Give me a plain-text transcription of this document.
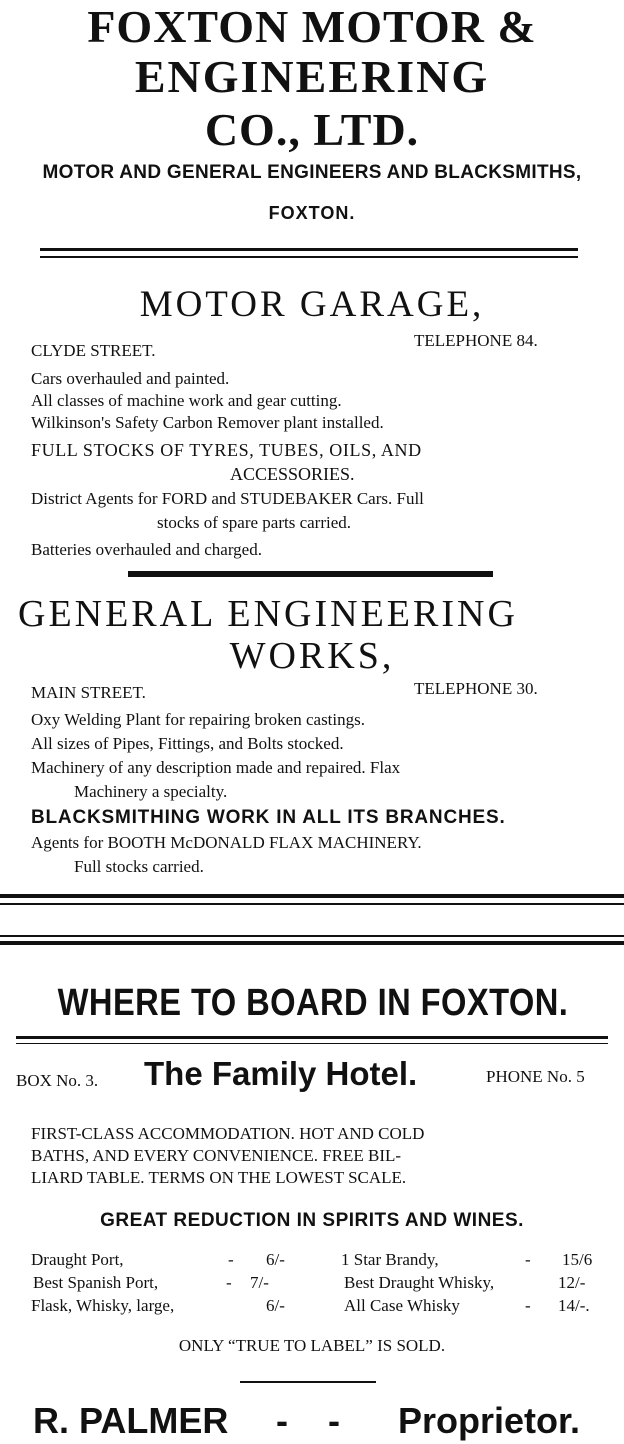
FOXTON MOTOR &
ENGINEERING
CO., LTD.
MOTOR AND GENERAL ENGINEERS AND BLACKSMITHS,
FOXTON.
MOTOR GARAGE,
CLYDE STREET.
TELEPHONE 84.
Cars overhauled and painted.
All classes of machine work and gear cutting.
Wilkinson's Safety Carbon Remover plant installed.
FULL STOCKS OF TYRES, TUBES, OILS, AND
ACCESSORIES.
District Agents for FORD and STUDEBAKER Cars. Full
stocks of spare parts carried.
Batteries overhauled and charged.
GENERAL ENGINEERING
WORKS,
MAIN STREET.	TELEPHONE 30.
Oxy Welding Plant for repairing broken castings.
All sizes of Pipes, Fittings, and Bolts stocked.
Machinery of any description made and repaired. Flax
Machinery a specialty.
BLACKSMITHING WORK IN ALL ITS BRANCHES.
Agents for BOOTH McDONALD FLAX MACHINERY.
Full stocks carried.
WHERE TO BOARD IN FOXTON.
BOX No. 3. The Family Hotel.	PHONE No. 5
FIRST-CLASS ACCOMMODATION. HOT AND COLD
BATHS, AND EVERY CONVENIENCE. FREE BIL-
LIARD TABLE. TERMS ON THE LOWEST SCALE.
GREAT REDUCTION IN SPIRITS AND WINES.
Draught Port,	- 6/-
Best Spanish Port,	- 7/-
Flask, Whisky, large,	6/-
1 Star Brandy,	- 15/6
Best Draught Whisky,	12/-
All Case Whisky	- 14/-.
ONLY “TRUE TO LABEL” IS SOLD.
R. PALMER -    - Proprietor.
